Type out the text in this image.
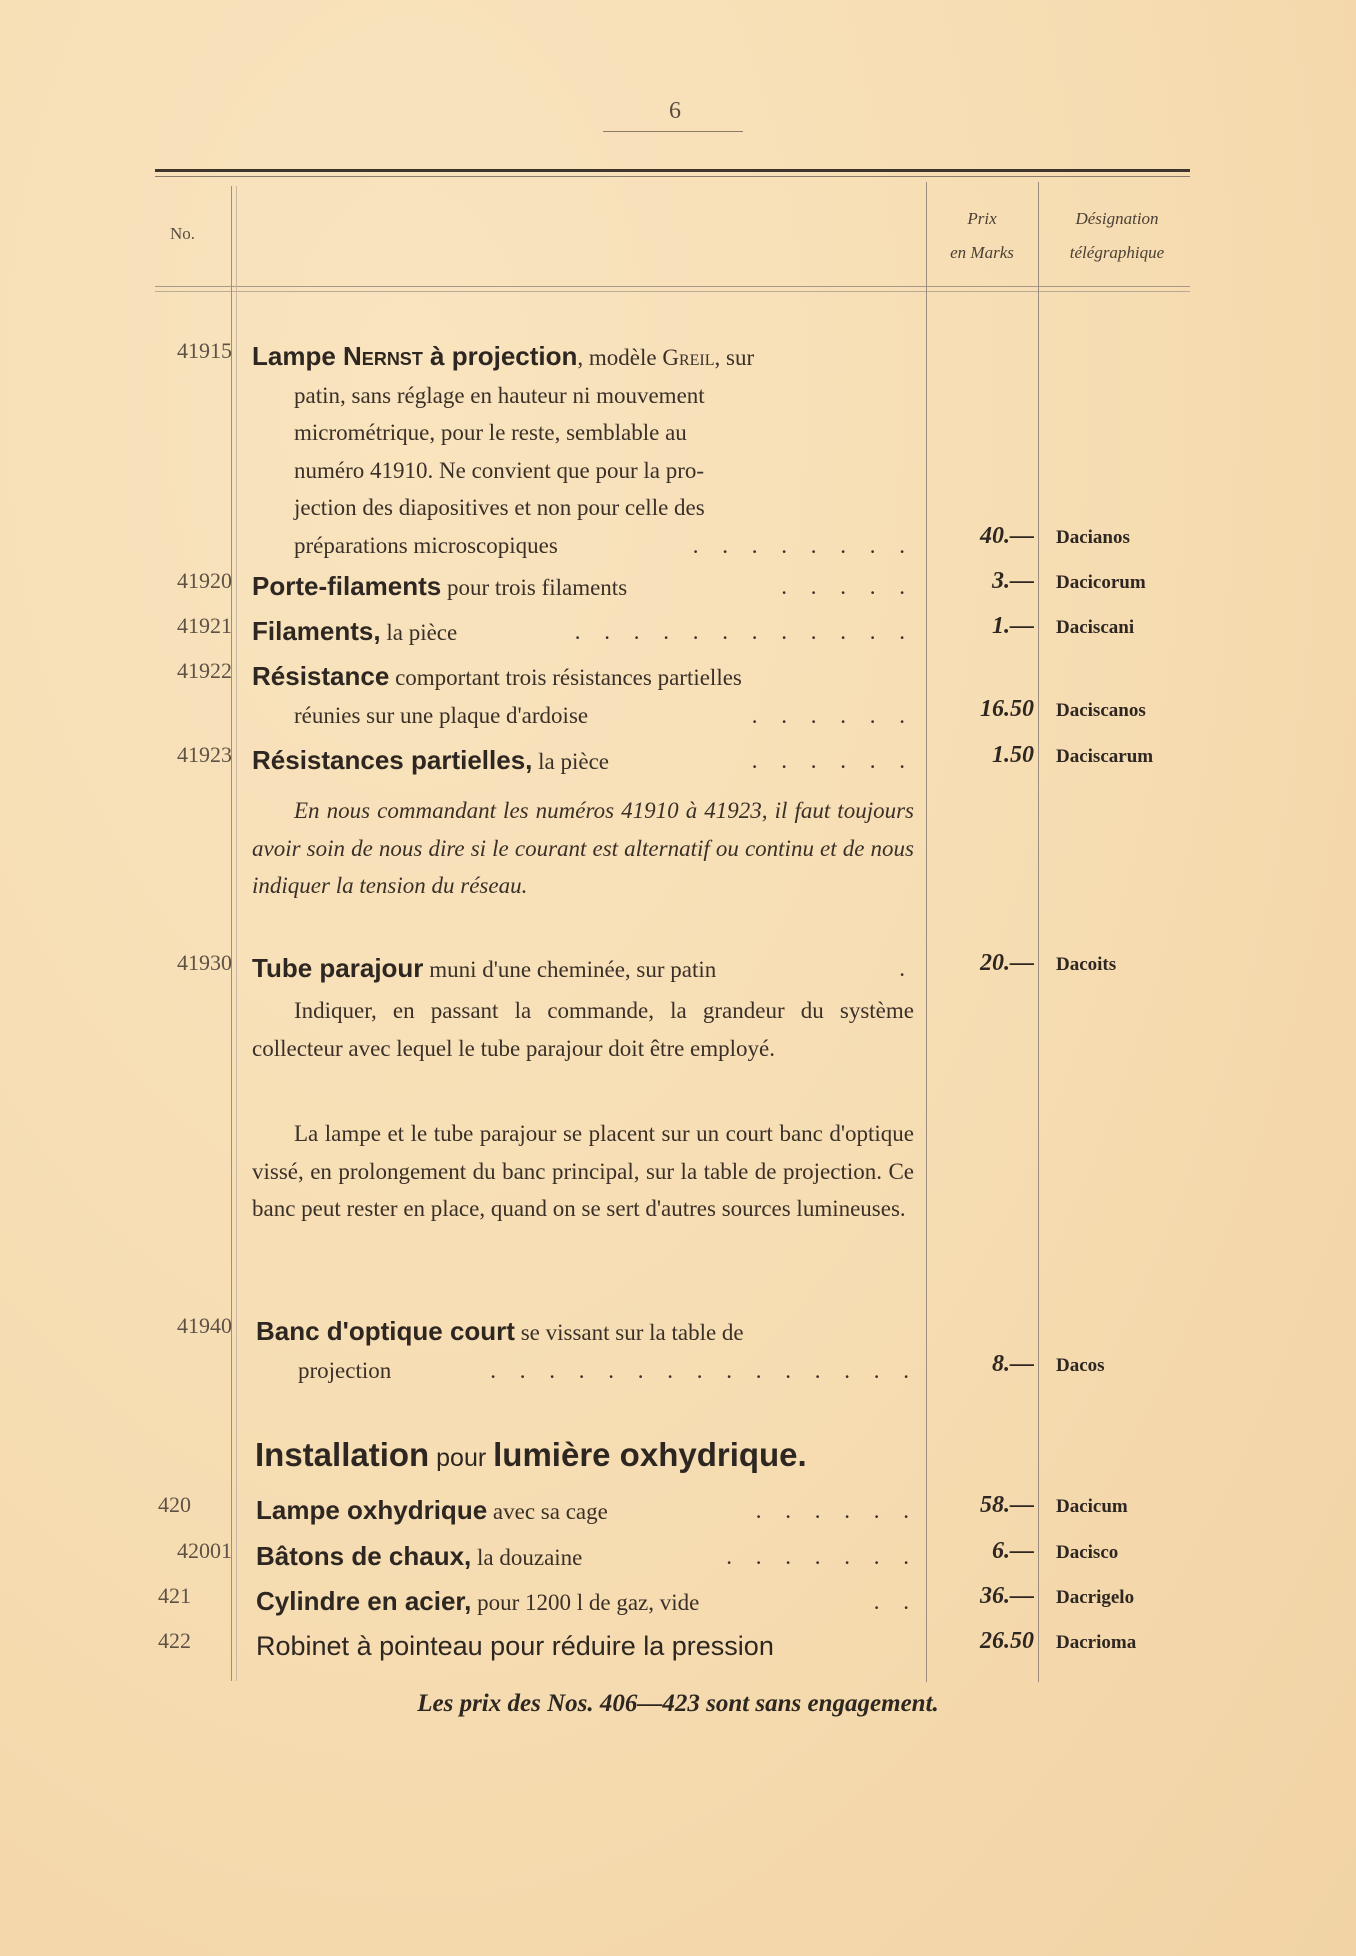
6
No.
Prix
en Marks
Désignation
télégraphique
41915 Lampe Nernst à projection, modèle Greil, sur
patin, sans réglage en hauteur ni mouvement
micrométrique, pour le reste, semblable au
numéro 41910. Ne convient que pour la pro-
jection des diapositives et non pour celle des
préparations microscopiques	. . . . . . . .	40.— Dacianos
41920 Porte-filaments pour trois filaments	. . . . .	3.— Dacicorum
41921 Filaments, la pièce	. . . . . . . . . . . .	1.— Daciscani
41922 Résistance comportant trois résistances partielles
réunies sur une plaque d'ardoise	. . . . . .	16.50 Daciscanos
41923 Résistances partielles, la pièce	. . . . . .	1.50 Daciscarum
En nous commandant les numéros 41910 à 41923, il faut toujours avoir soin de nous dire si le courant est alternatif ou continu et de nous indiquer la tension du réseau.
41930 Tube parajour muni d'une cheminée, sur patin	.	20.— Dacoits
Indiquer, en passant la commande, la grandeur du système collecteur avec lequel le tube parajour doit être employé.
La lampe et le tube parajour se placent sur un court banc d'optique vissé, en prolongement du banc principal, sur la table de projection. Ce banc peut rester en place, quand on se sert d'autres sources lumineuses.
41940 Banc d'optique court se vissant sur la table de
projection	. . . . . . . . . . . . . . .	8.— Dacos
Installation pour lumière oxhydrique.
420	Lampe oxhydrique avec sa cage	. . . . . .	58.— Dacicum
42001 Bâtons de chaux, la douzaine	. . . . . . .	6.— Dacisco
421	Cylindre en acier, pour 1200 l de gaz, vide	. .	36.— Dacrigelo
422	Robinet à pointeau pour réduire la pression	26.50 Dacrioma
Les prix des Nos. 406—423 sont sans engagement.
